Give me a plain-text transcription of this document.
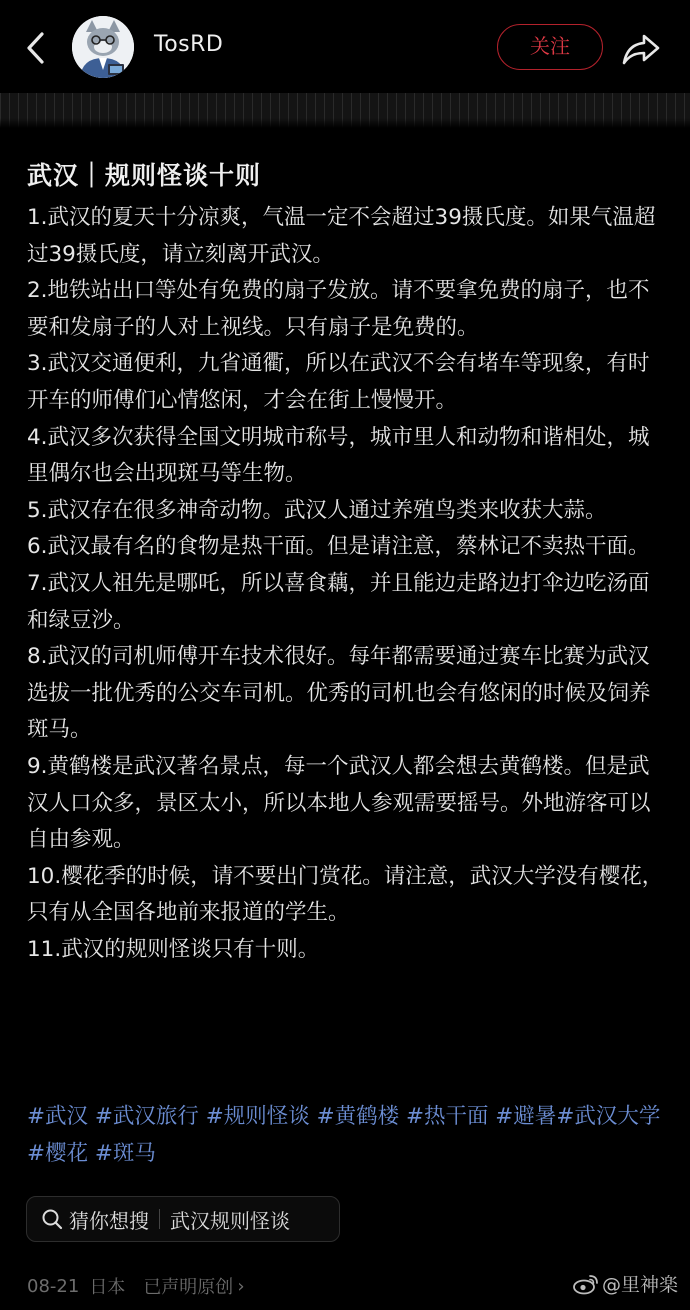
TosRD	关注
武汉｜规则怪谈十则

1.武汉的夏天十分凉爽，气温一定不会超过39摄氏度。如果气温超过39摄氏度，请立刻离开武汉。

2.地铁站出口等处有免费的扇子发放。请不要拿免费的扇子，也不要和发扇子的人对上视线。只有扇子是免费的。

3.武汉交通便利，九省通衢，所以在武汉不会有堵车等现象，有时开车的师傅们心情悠闲，才会在街上慢慢开。

4.武汉多次获得全国文明城市称号，城市里人和动物和谐相处，城里偶尔也会出现斑马等生物。

5.武汉存在很多神奇动物。武汉人通过养殖鸟类来收获大蒜。

6.武汉最有名的食物是热干面。但是请注意，蔡林记不卖热干面。

7.武汉人祖先是哪吒，所以喜食藕，并且能边走路边打伞边吃汤面和绿豆沙。

8.武汉的司机师傅开车技术很好。每年都需要通过赛车比赛为武汉选拔一批优秀的公交车司机。优秀的司机也会有悠闲的时候及饲养斑马。

9.黄鹤楼是武汉著名景点，每一个武汉人都会想去黄鹤楼。但是武汉人口众多，景区太小，所以本地人参观需要摇号。外地游客可以自由参观。

10.樱花季的时候，请不要出门赏花。请注意，武汉大学没有樱花，只有从全国各地前来报道的学生。

11.武汉的规则怪谈只有十则。

#武汉 #武汉旅行 #规则怪谈 #黄鹤楼 #热干面 #避暑#武汉大学 #樱花 #斑马
猜你想搜 武汉规则怪谈
08-21 日本 已声明原创 ›	@里神楽
